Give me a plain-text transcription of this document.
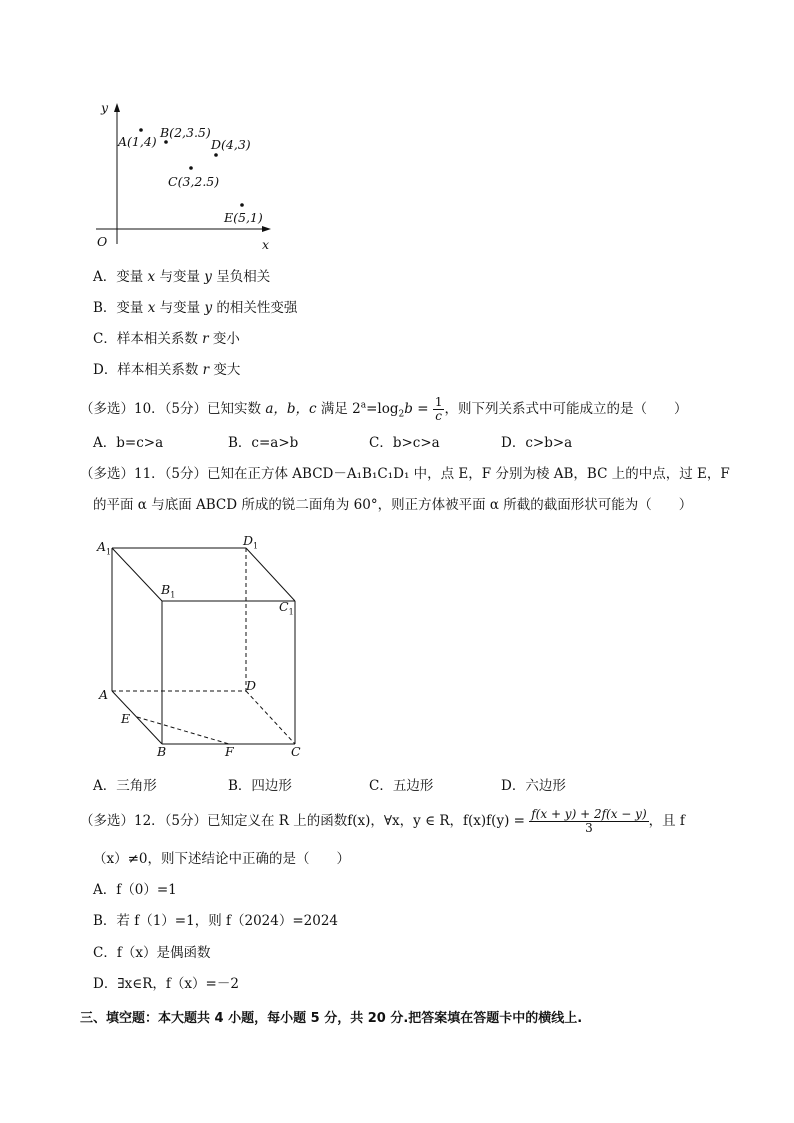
y
x
O
A(1,4)
B(2,3.5)
D(4,3)
C(3,2.5)
E(5,1)
A．变量 x 与变量 y 呈负相关
B．变量 x 与变量 y 的相关性变强
C．样本相关系数 r 变小
D．样本相关系数 r 变大
（多选）10．（5分）已知实数 a，b，c 满足 $2^a=\log_2b = \frac{1}{c}$ ，则下列关系式中可能成立的是（　　）
A．b=c>a	B．c=a>b	C．b>c>a	D．c>b>a
（多选）11．（5分）已知在正方体 ABCD－A₁B₁C₁D₁ 中，点 E，F 分别为棱 AB，BC 上的中点，过 E，F
的平面 α 与底面 ABCD 所成的锐二面角为 60°，则正方体被平面 α 所截的截面形状可能为（　　）
$A_1$
$D_1$
$B_1$
$C_1$
A
D
E
B	F	C
A．三角形	B．四边形	C．五边形	D．六边形
（多选）12．（5分）已知定义在 R 上的函数f(x)，∀x，y ∈ R，$f(x)f(y) = \frac{f(x + y) + 2f(x - y)}{3}$ ，且 f
（x）≠0，则下述结论中正确的是（　　）
A．f（0）=1
B．若 f（1）=1，则 f（2024）=2024
C．f（x）是偶函数
D．∃x∈R，f（x）=－2
三、填空题：本大题共 4 小题，每小题 5 分，共 20 分.把答案填在答题卡中的横线上.
